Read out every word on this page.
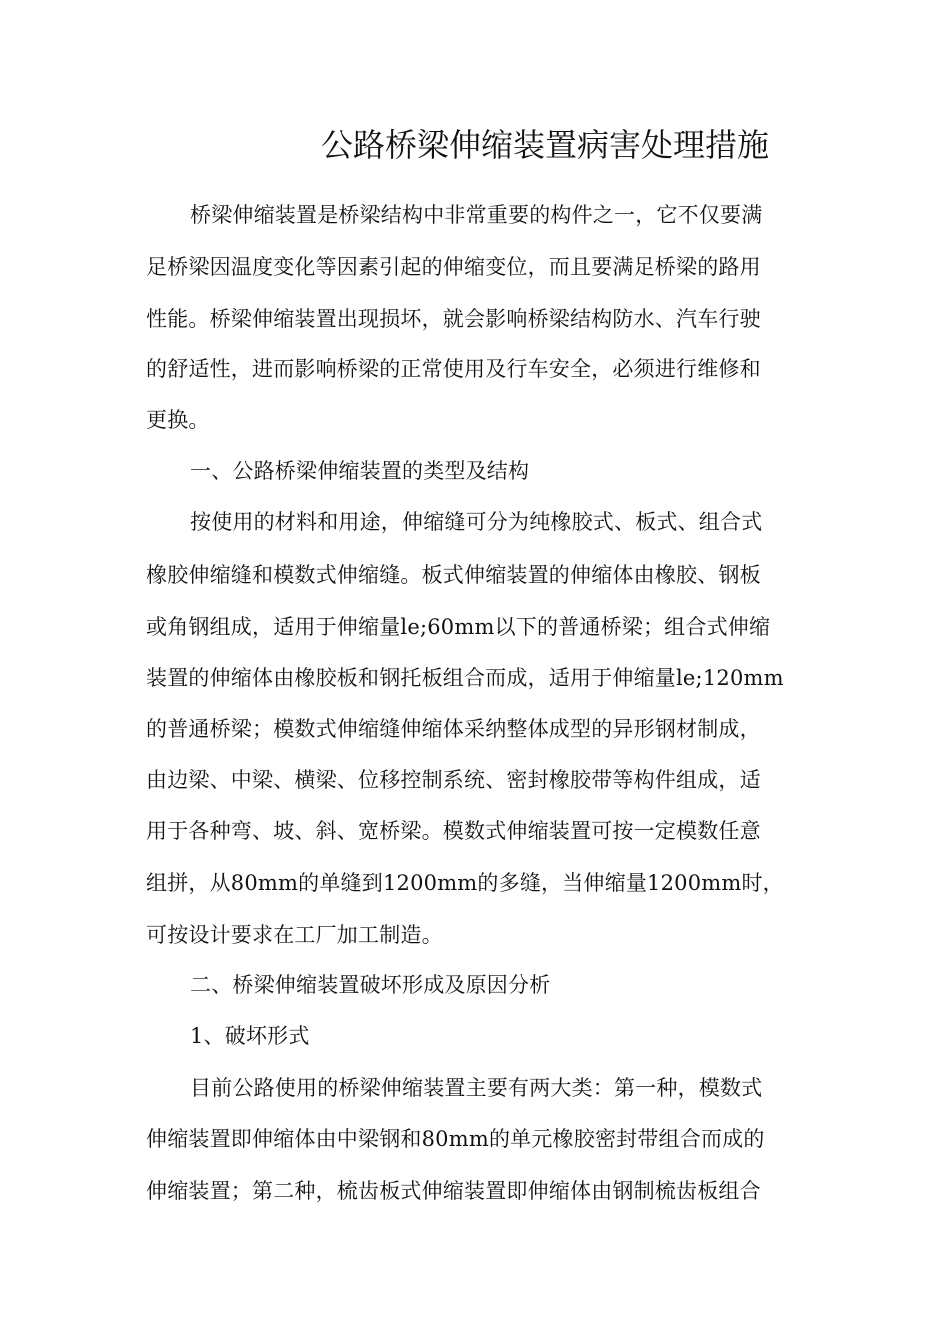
公路桥梁伸缩装置病害处理措施
桥梁伸缩装置是桥梁结构中非常重要的构件之一，它不仅要满
足桥梁因温度变化等因素引起的伸缩变位，而且要满足桥梁的路用
性能。桥梁伸缩装置出现损坏，就会影响桥梁结构防水、汽车行驶
的舒适性，进而影响桥梁的正常使用及行车安全，必须进行维修和
更换。
一、公路桥梁伸缩装置的类型及结构
按使用的材料和用途，伸缩缝可分为纯橡胶式、板式、组合式
橡胶伸缩缝和模数式伸缩缝。板式伸缩装置的伸缩体由橡胶、钢板
或角钢组成，适用于伸缩量le;60mm以下的普通桥梁；组合式伸缩
装置的伸缩体由橡胶板和钢托板组合而成，适用于伸缩量le;120mm
的普通桥梁；模数式伸缩缝伸缩体采纳整体成型的异形钢材制成，
由边梁、中梁、横梁、位移控制系统、密封橡胶带等构件组成，适
用于各种弯、坡、斜、宽桥梁。模数式伸缩装置可按一定模数任意
组拼，从80mm的单缝到1200mm的多缝，当伸缩量1200mm时，
可按设计要求在工厂加工制造。
二、桥梁伸缩装置破坏形成及原因分析
1、破坏形式
目前公路使用的桥梁伸缩装置主要有两大类：第一种，模数式
伸缩装置即伸缩体由中梁钢和80mm的单元橡胶密封带组合而成的
伸缩装置；第二种，梳齿板式伸缩装置即伸缩体由钢制梳齿板组合
